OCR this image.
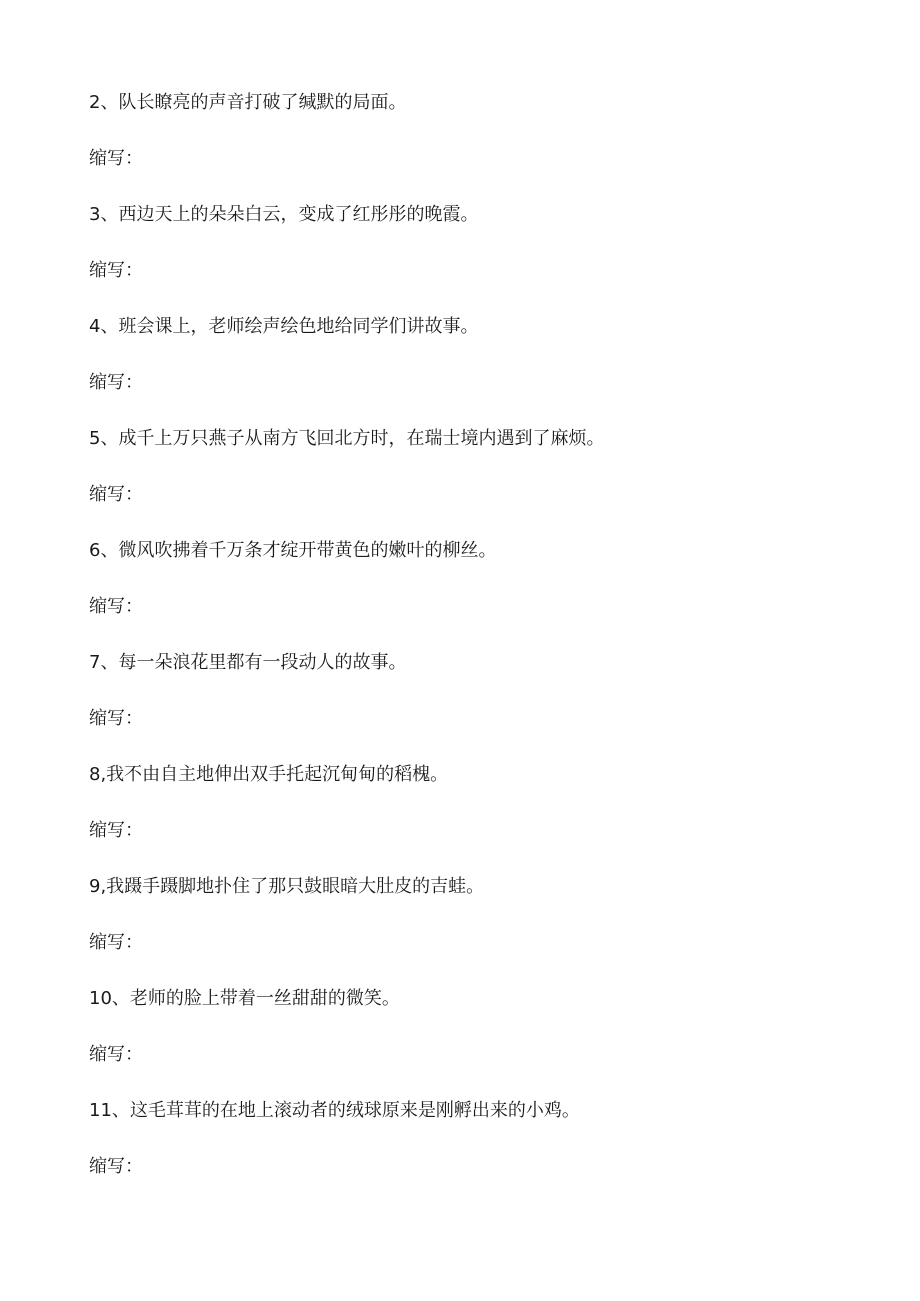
2、队长瞭亮的声音打破了缄默的局面。

缩写：

3、西边天上的朵朵白云，变成了红彤彤的晚霞。

缩写：

4、班会课上，老师绘声绘色地给同学们讲故事。

缩写：

5、成千上万只燕子从南方飞回北方时，在瑞士境内遇到了麻烦。

缩写：

6、微风吹拂着千万条才绽开带黄色的嫩叶的柳丝。

缩写：

7、每一朵浪花里都有一段动人的故事。

缩写：

8,我不由自主地伸出双手托起沉甸甸的稻槐。

缩写：

9,我蹑手蹑脚地扑住了那只鼓眼暗大肚皮的吉蛙。

缩写：

10、老师的脸上带着一丝甜甜的微笑。

缩写：

11、这毛茸茸的在地上滚动者的绒球原来是刚孵出来的小鸡。

缩写：
